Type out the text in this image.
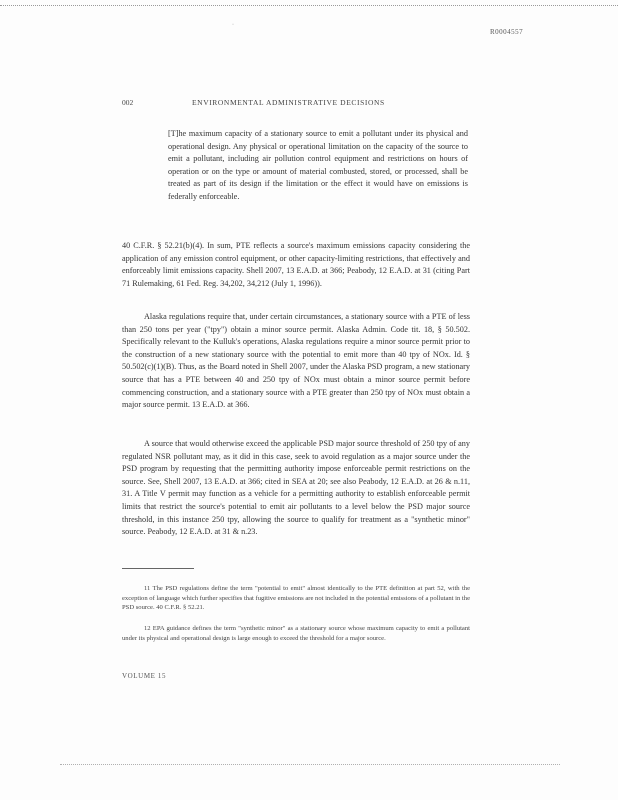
·
R0004557
002	ENVIRONMENTAL ADMINISTRATIVE DECISIONS
[T]he maximum capacity of a stationary source to emit a pollutant under its physical and operational design. Any physical or operational limitation on the capacity of the source to emit a pollutant, including air pollution control equipment and restrictions on hours of operation or on the type or amount of material combusted, stored, or processed, shall be treated as part of its design if the limitation or the effect it would have on emissions is federally enforceable.
40 C.F.R. § 52.21(b)(4). In sum, PTE reflects a source's maximum emissions capacity considering the application of any emission control equipment, or other capacity-limiting restrictions, that effectively and enforceably limit emissions capacity. Shell 2007, 13 E.A.D. at 366; Peabody, 12 E.A.D. at 31 (citing Part 71 Rulemaking, 61 Fed. Reg. 34,202, 34,212 (July 1, 1996)).
Alaska regulations require that, under certain circumstances, a stationary source with a PTE of less than 250 tons per year ("tpy") obtain a minor source permit. Alaska Admin. Code tit. 18, § 50.502. Specifically relevant to the Kulluk's operations, Alaska regulations require a minor source permit prior to the construction of a new stationary source with the potential to emit more than 40 tpy of NOx. Id. § 50.502(c)(1)(B). Thus, as the Board noted in Shell 2007, under the Alaska PSD program, a new stationary source that has a PTE between 40 and 250 tpy of NOx must obtain a minor source permit before commencing construction, and a stationary source with a PTE greater than 250 tpy of NOx must obtain a major source permit. 13 E.A.D. at 366.
A source that would otherwise exceed the applicable PSD major source threshold of 250 tpy of any regulated NSR pollutant may, as it did in this case, seek to avoid regulation as a major source under the PSD program by requesting that the permitting authority impose enforceable permit restrictions on the source. See, Shell 2007, 13 E.A.D. at 366; cited in SEA at 20; see also Peabody, 12 E.A.D. at 26 & n.11, 31. A Title V permit may function as a vehicle for a permitting authority to establish enforceable permit limits that restrict the source's potential to emit air pollutants to a level below the PSD major source threshold, in this instance 250 tpy, allowing the source to qualify for treatment as a "synthetic minor" source. Peabody, 12 E.A.D. at 31 & n.23.
11 The PSD regulations define the term "potential to emit" almost identically to the PTE definition at part 52, with the exception of language which further specifies that fugitive emissions are not included in the potential emissions of a pollutant in the PSD source. 40 C.F.R. § 52.21.
12 EPA guidance defines the term "synthetic minor" as a stationary source whose maximum capacity to emit a pollutant under its physical and operational design is large enough to exceed the threshold for a major source.
VOLUME 15
